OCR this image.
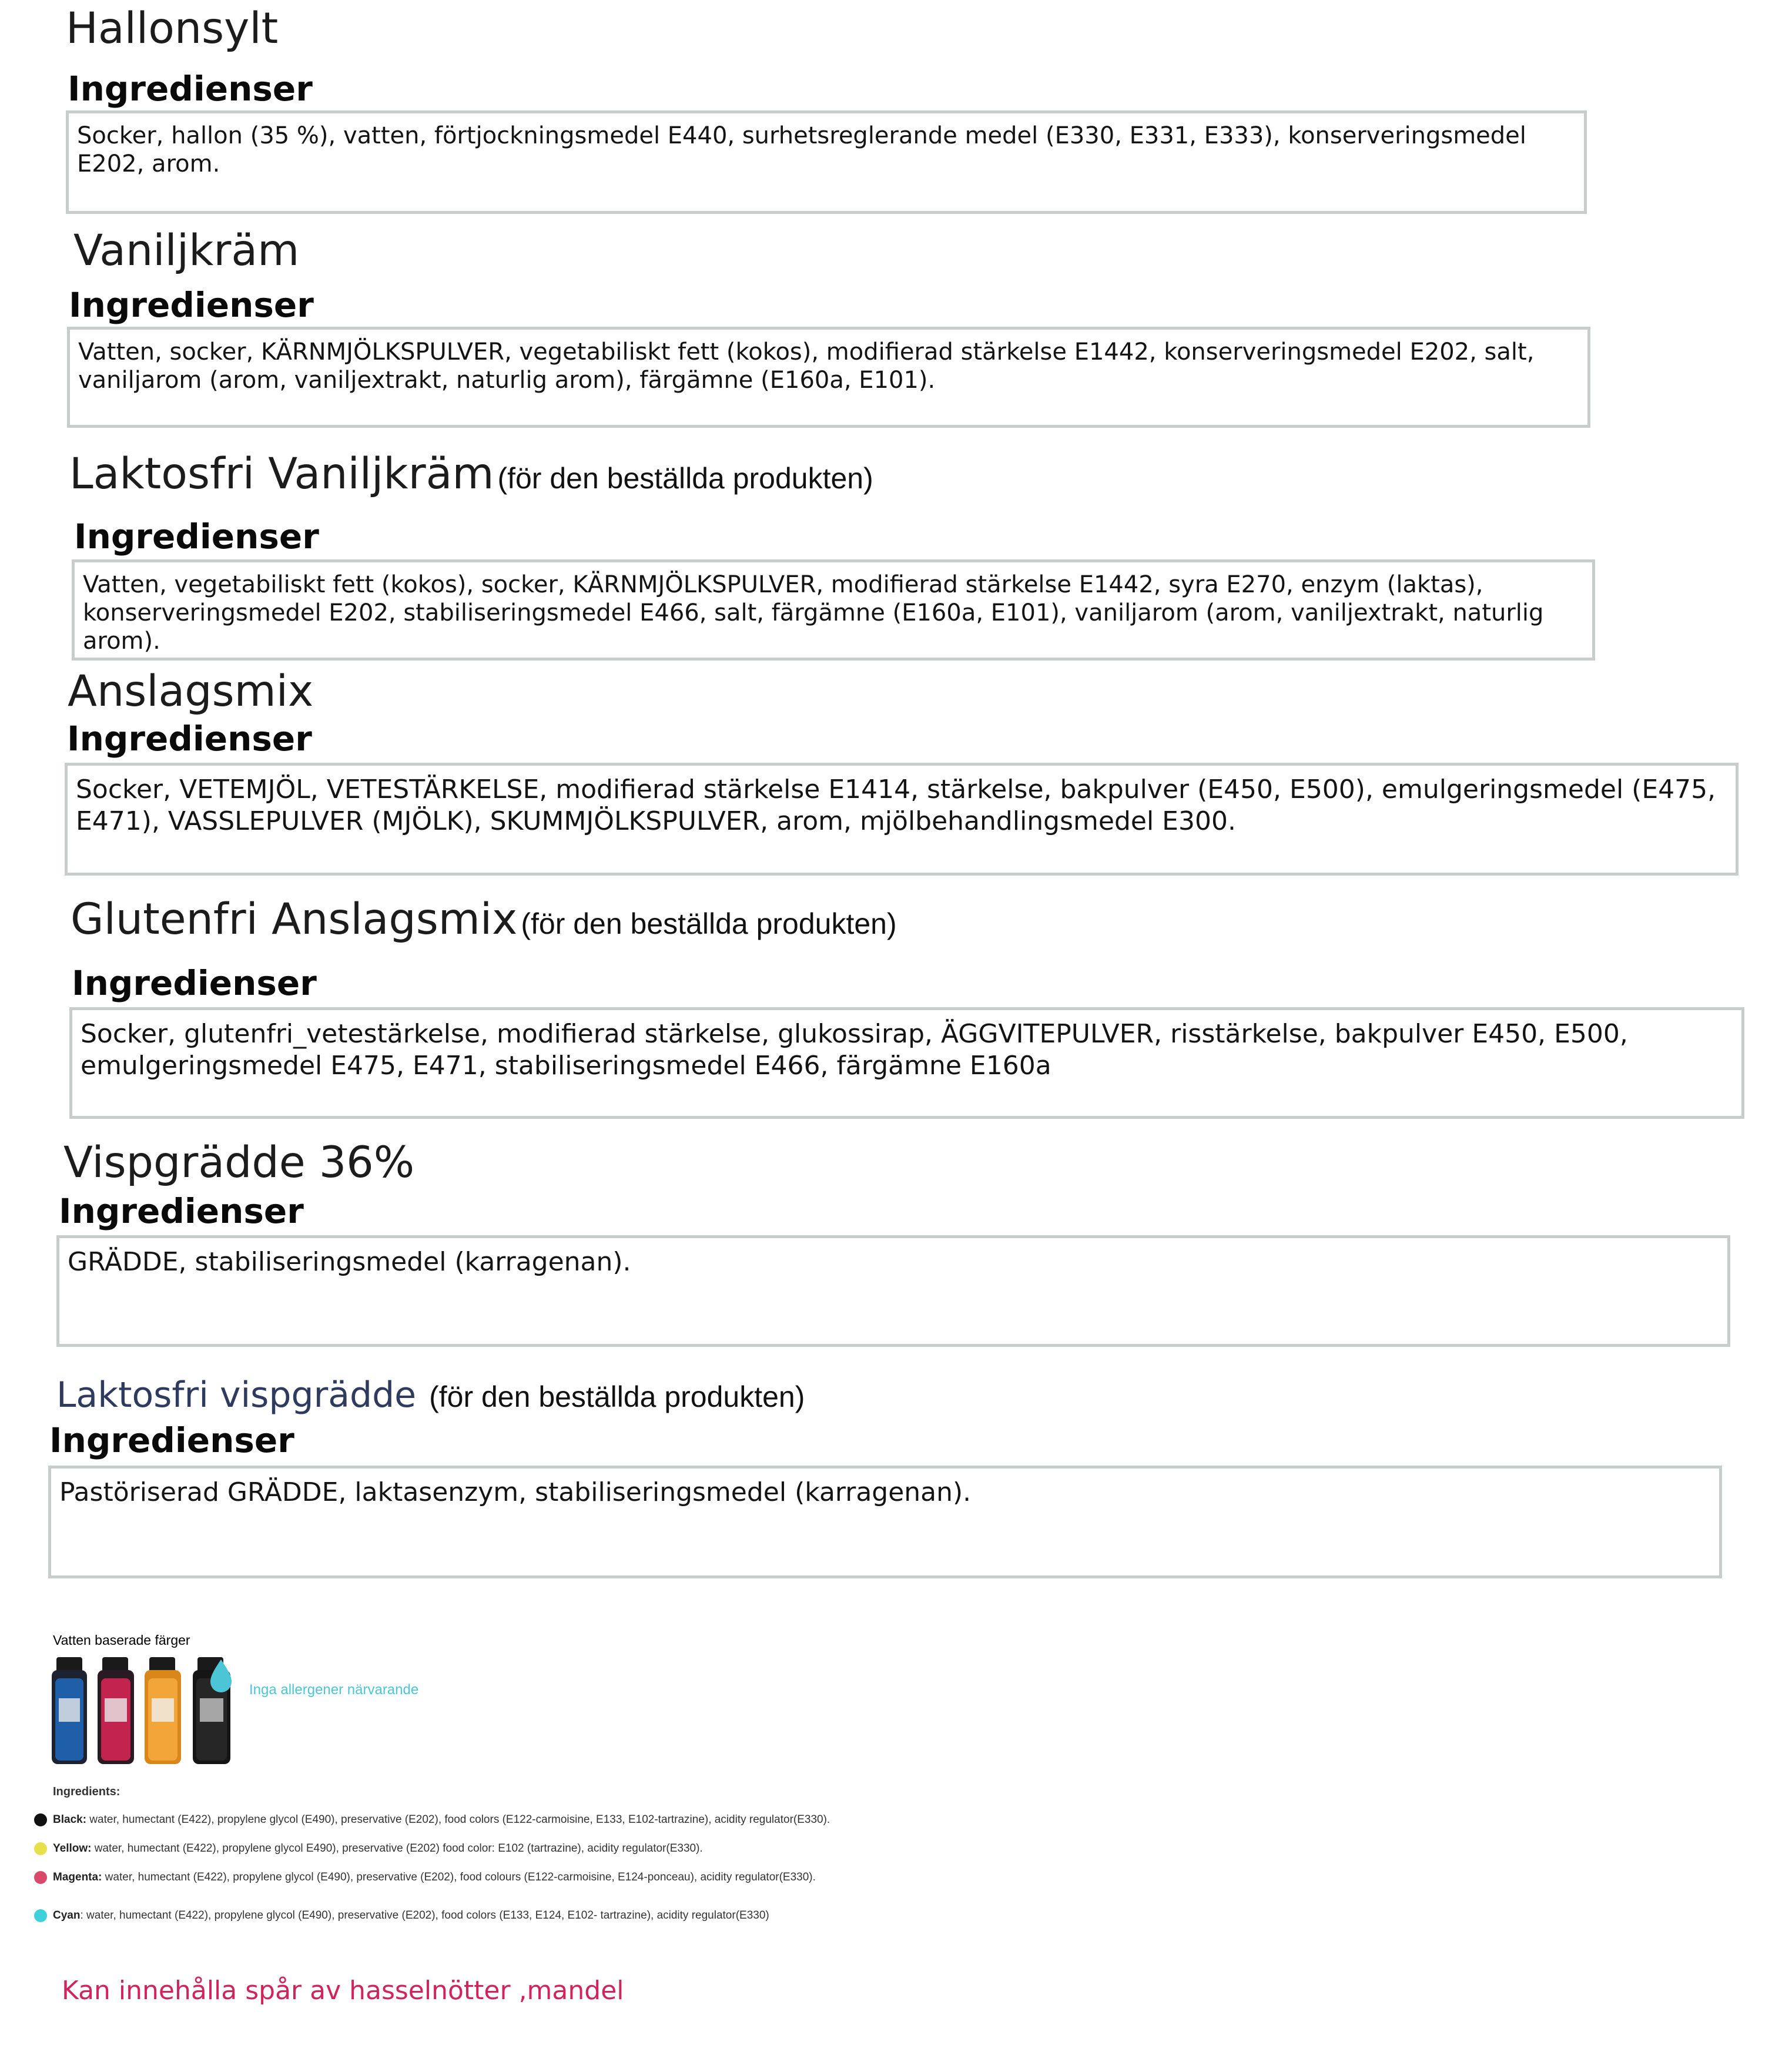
Hallonsylt
Ingredienser
Socker, hallon (35 %), vatten, förtjockningsmedel E440, surhetsreglerande medel (E330, E331, E333), konserveringsmedel E202, arom.
Vaniljkräm
Ingredienser
Vatten, socker, KÄRNMJÖLKSPULVER, vegetabiliskt fett (kokos), modifierad stärkelse E1442, konserveringsmedel E202, salt, vaniljarom (arom, vaniljextrakt, naturlig arom), färgämne (E160a, E101).
Laktosfri Vaniljkräm (för den beställda produkten)
Ingredienser
Vatten, vegetabiliskt fett (kokos), socker, KÄRNMJÖLKSPULVER, modifierad stärkelse E1442, syra E270, enzym (laktas), konserveringsmedel E202, stabiliseringsmedel E466, salt, färgämne (E160a, E101), vaniljarom (arom, vaniljextrakt, naturlig arom).
Anslagsmix
Ingredienser
Socker, VETEMJÖL, VETESTÄRKELSE, modifierad stärkelse E1414, stärkelse, bakpulver (E450, E500), emulgeringsmedel (E475, E471), VASSLEPULVER (MJÖLK), SKUMMJÖLKSPULVER, arom, mjölbehandlingsmedel E300.
Glutenfri Anslagsmix (för den beställda produkten)
Ingredienser
Socker, glutenfri_vetestärkelse, modifierad stärkelse, glukossirap, ÄGGVITEPULVER, risstärkelse, bakpulver E450, E500, emulgeringsmedel E475, E471, stabiliseringsmedel E466, färgämne E160a
Vispgrädde 36%
Ingredienser
GRÄDDE, stabiliseringsmedel (karragenan).
Laktosfri vispgrädde (för den beställda produkten)
Ingredienser
Pastöriserad GRÄDDE, laktasenzym, stabiliseringsmedel (karragenan).
Vatten baserade färger
Inga allergener närvarande
Ingredients:
Black: water, humectant (E422), propylene glycol (E490), preservative (E202), food colors (E122-carmoisine, E133, E102-tartrazine), acidity regulator(E330).
Yellow: water, humectant (E422), propylene glycol E490), preservative (E202) food color: E102 (tartrazine), acidity regulator(E330).
Magenta: water, humectant (E422), propylene glycol (E490), preservative (E202), food colours (E122-carmoisine, E124-ponceau), acidity regulator(E330).
Cyan: water, humectant (E422), propylene glycol (E490), preservative (E202), food colors (E133, E124, E102- tartrazine), acidity regulator(E330)
Kan innehålla spår av hasselnötter ,mandel
